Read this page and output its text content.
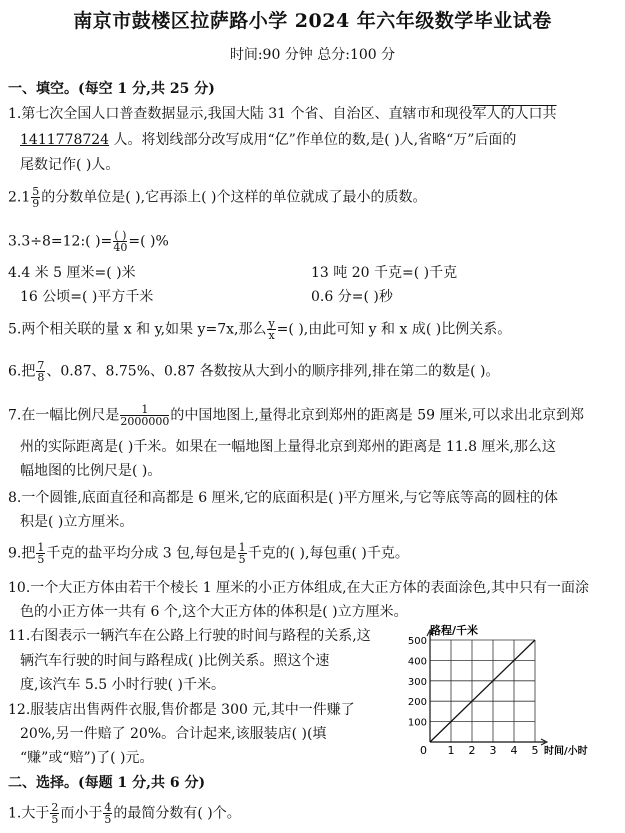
南京市鼓楼区拉萨路小学 2024 年六年级数学毕业试卷
时间:90 分钟 总分:100 分
一、填空。(每空 1 分,共 25 分)
1.第七次全国人口普查数据显示,我国大陆 31 个省、自治区、直辖市和现役军人的人口共
1411778724 人。将划线部分改写成用“亿”作单位的数,是( )人,省略“万”后面的
尾数记作( )人。
$2.1 \frac{5}{9}$ 的分数单位是( ),它再添上( )个这样的单位就成了最小的质数。
3.3÷8=12:( )= $\frac{( )}{40}$ =( )%
4.4 米 5 厘米=( )米	13 吨 20 千克=( )千克
16 公顷=( )平方千米	0.6 分=( )秒
5.两个相关联的量 x 和 y,如果 y=7x,那么 $\frac{y}{x}$ =( ),由此可知 y 和 x 成( )比例关系。
6.把 $\frac{7}{8}$ 、0.8̇7̇、8.75%、0.87̇ 各数按从大到小的顺序排列,排在第二的数是( )。
7.在一幅比例尺是 $\frac{1}{2000000}$ 的中国地图上,量得北京到郑州的距离是 59 厘米,可以求出北京到郑
州的实际距离是( )千米。如果在一幅地图上量得北京到郑州的距离是 11.8 厘米,那么这
幅地图的比例尺是( )。
8.一个圆锥,底面直径和高都是 6 厘米,它的底面积是( )平方厘米,与它等底等高的圆柱的体
积是( )立方厘米。
9.把 $\frac{1}{5}$ 千克的盐平均分成 3 包,每包是 $\frac{1}{5}$ 千克的( ),每包重( )千克。
10.一个大正方体由若干个棱长 1 厘米的小正方体组成,在大正方体的表面涂色,其中只有一面涂
色的小正方体一共有 6 个,这个大正方体的体积是( )立方厘米。
11.右图表示一辆汽车在公路上行驶的时间与路程的关系,这
辆汽车行驶的时间与路程成( )比例关系。照这个速
度,该汽车 5.5 小时行驶( )千米。
12.服装店出售两件衣服,售价都是 300 元,其中一件赚了
20%,另一件赔了 20%。合计起来,该服装店( )(填
“赚”或“赔”)了( )元。
二、选择。(每题 1 分,共 6 分)
1.大于 $\frac{2}{5}$ 而小于 $\frac{4}{5}$ 的最简分数有( )个。
0 1 2 3 4 5
100
200
300
400
500
路程/千米
时间/小时
